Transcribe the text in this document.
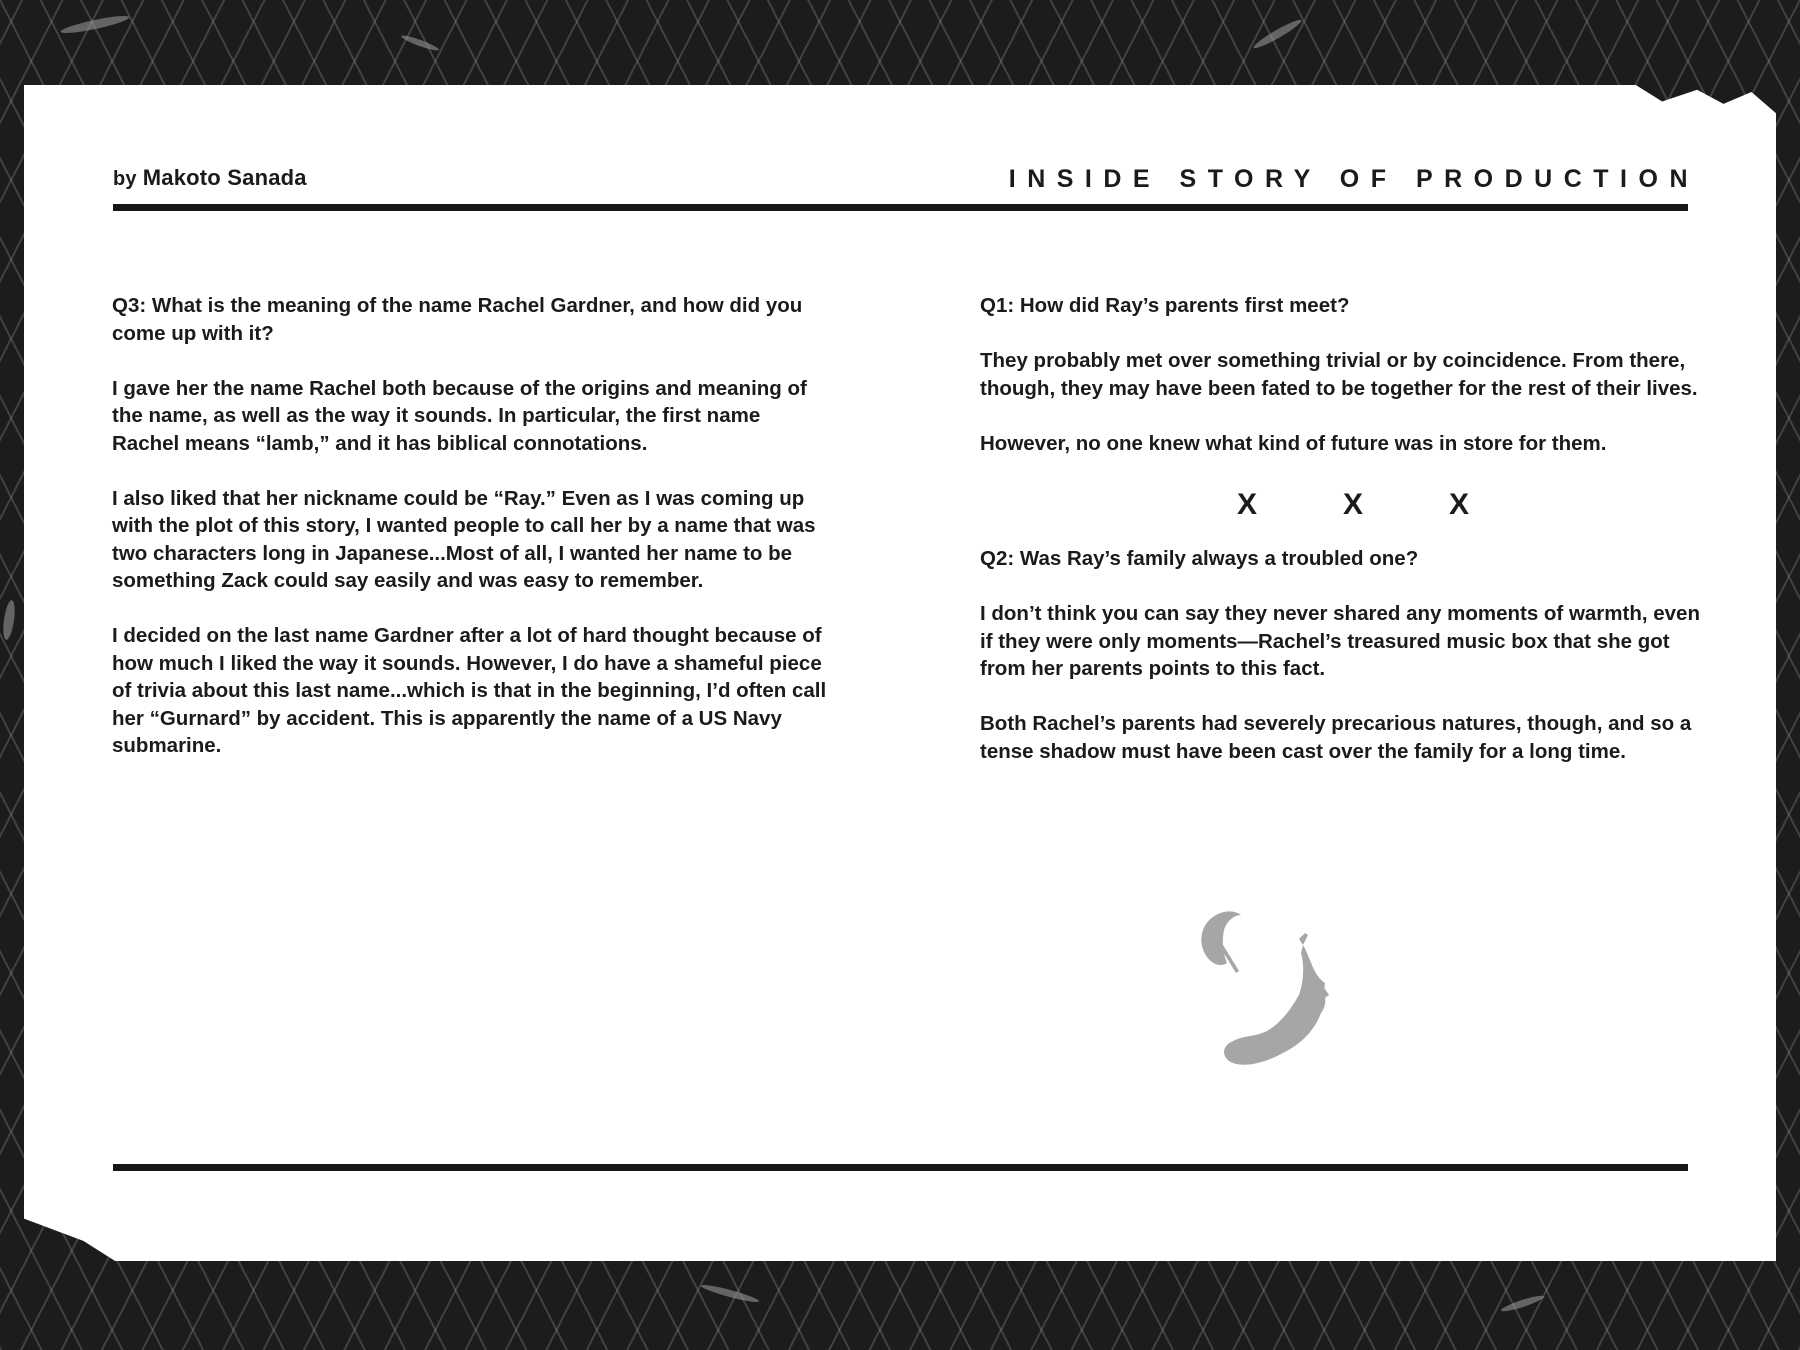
by Makoto Sanada	INSIDE STORY OF PRODUCTION

Q3: What is the meaning of the name Rachel Gardner, and how did you come up with it?

I gave her the name Rachel both because of the origins and meaning of the name, as well as the way it sounds. In particular, the first name Rachel means “lamb,” and it has biblical connotations.

I also liked that her nickname could be “Ray.” Even as I was coming up with the plot of this story, I wanted people to call her by a name that was two characters long in Japanese...Most of all, I wanted her name to be something Zack could say easily and was easy to remember.

I decided on the last name Gardner after a lot of hard thought because of how much I liked the way it sounds. However, I do have a shameful piece of trivia about this last name...which is that in the beginning, I’d often call her “Gurnard” by accident. This is apparently the name of a US Navy submarine.

Q1: How did Ray’s parents first meet?

They probably met over something trivial or by coincidence. From there, though, they may have been fated to be together for the rest of their lives.

However, no one knew what kind of future was in store for them.

X	X	X

Q2: Was Ray’s family always a troubled one?

I don’t think you can say they never shared any moments of warmth, even if they were only moments—Rachel’s treasured music box that she got from her parents points to this fact.

Both Rachel’s parents had severely precarious natures, though, and so a tense shadow must have been cast over the family for a long time.
